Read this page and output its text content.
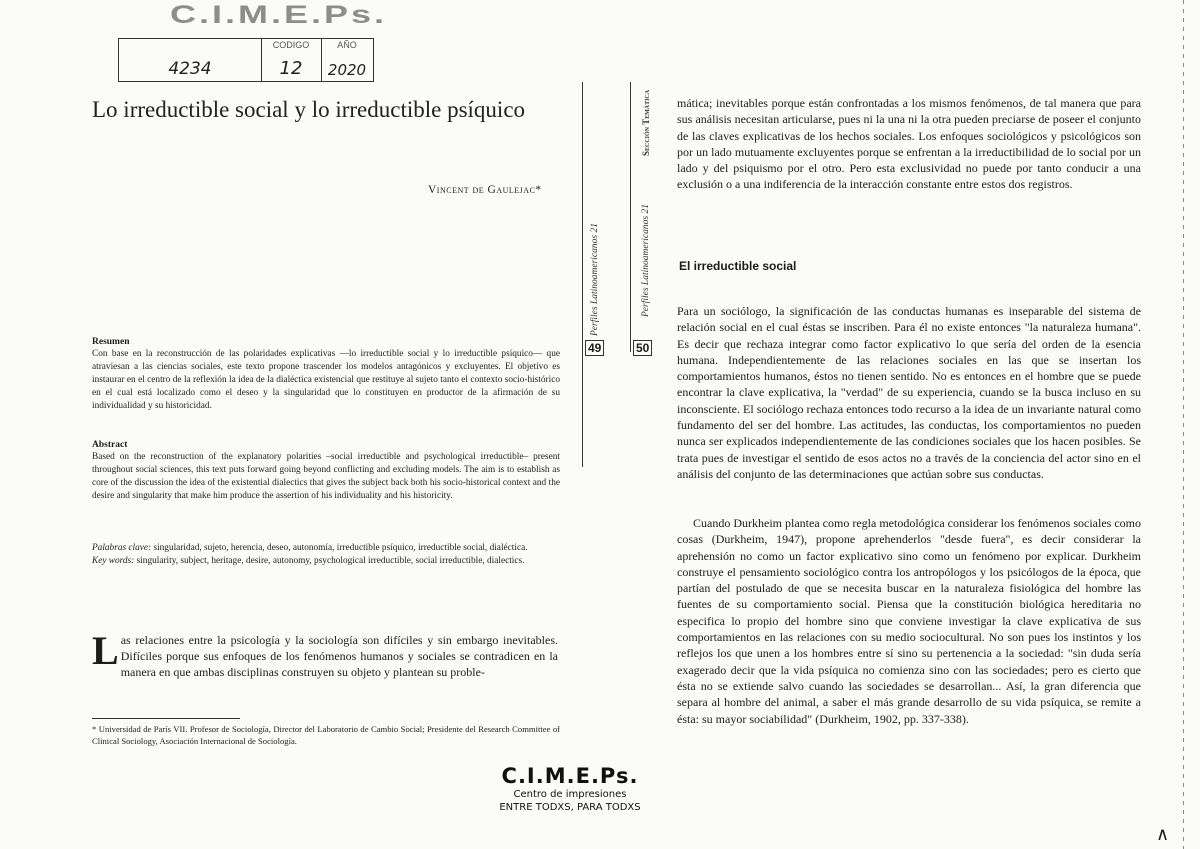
C.I.M.E.Ps.
4234
CODIGO
12
AÑO
2020
Lo irreductible social y lo irreductible psíquico
Vincent de Gaulejac*
Resumen
Con base en la reconstrucción de las polaridades explicativas —lo irreductible social y lo irreductible psíquico— que atraviesan a las ciencias sociales, este texto propone trascender los modelos antagónicos y excluyentes. El objetivo es instaurar en el centro de la reflexión la idea de la dialéctica existencial que restituye al sujeto tanto el contexto socio-histórico en el cual está localizado como el deseo y la singularidad que lo constituyen en productor de la afirmación de su individualidad y su historicidad.
Abstract
Based on the reconstruction of the explanatory polarities –social irreductible and psychological irreductible– present throughout social sciences, this text puts forward going beyond conflicting and excluding models. The aim is to establish as core of the discussion the idea of the existential dialectics that gives the subject back both his socio-historical context and the desire and singularity that make him produce the assertion of his individuality and his historicity.
Palabras clave: singularidad, sujeto, herencia, deseo, autonomía, irreductible psíquico, irreductible social, dialéctica.
Key words: singularity, subject, heritage, desire, autonomy, psychological irreductible, social irreductible, dialectics.
Las relaciones entre la psicología y la sociología son difíciles y sin embargo inevitables. Difíciles porque sus enfoques de los fenómenos humanos y sociales se contradicen en la manera en que ambas disciplinas construyen su objeto y plantean su proble-
* Universidad de París VII. Profesor de Sociología, Director del Laboratorio de Cambio Social; Presidente del Research Committee of Clinical Sociology, Asociación Internacional de Sociología.
Perfiles Latinoamericanos 21
49
Sección Temática
Perfiles Latinoamericanos 21
50
mática; inevitables porque están confrontadas a los mismos fenómenos, de tal manera que para sus análisis necesitan articularse, pues ni la una ni la otra pueden preciarse de poseer el conjunto de las claves explicativas de los hechos sociales. Los enfoques sociológicos y psicológicos son por un lado mutuamente excluyentes porque se enfrentan a la irreductibilidad de lo social por un lado y del psiquismo por el otro. Pero esta exclusividad no puede por tanto conducir a una exclusión o a una indiferencia de la interacción constante entre estos dos registros.
El irreductible social
Para un sociólogo, la significación de las conductas humanas es inseparable del sistema de relación social en el cual éstas se inscriben. Para él no existe entonces "la naturaleza humana". Es decir que rechaza integrar como factor explicativo lo que sería del orden de la esencia humana. Independientemente de las relaciones sociales en las que se insertan los comportamientos humanos, éstos no tienen sentido. No es entonces en el hombre que se puede encontrar la clave explicativa, la "verdad" de su experiencia, cuando se la busca incluso en su inconsciente. El sociólogo rechaza entonces todo recurso a la idea de un invariante natural como fundamento del ser del hombre. Las actitudes, las conductas, los comportamientos no pueden nunca ser explicados independientemente de las condiciones sociales que los hacen posibles. Se trata pues de investigar el sentido de esos actos no a través de la conciencia del actor sino en el análisis del conjunto de las determinaciones que actúan sobre sus conductas.
Cuando Durkheim plantea como regla metodológica considerar los fenómenos sociales como cosas (Durkheim, 1947), propone aprehenderlos "desde fuera", es decir considerar la aprehensión no como un factor explicativo sino como un fenómeno por explicar. Durkheim construye el pensamiento sociológico contra los antropólogos y los psicólogos de la época, que partían del postulado de que se necesita buscar en la naturaleza fisiológica del hombre las fuentes de su comportamiento social. Piensa que la constitución biológica hereditaria no especifica lo propio del hombre sino que conviene investigar la clave explicativa de sus comportamientos en las relaciones con su medio sociocultural. No son pues los instintos y los reflejos los que unen a los hombres entre sí sino su pertenencia a la sociedad: "sin duda sería exagerado decir que la vida psíquica no comienza sino con las sociedades; pero es cierto que ésta no se extiende salvo cuando las sociedades se desarrollan... Así, la gran diferencia que separa al hombre del animal, a saber el más grande desarrollo de su vida psíquica, se remite a ésta: su mayor sociabilidad" (Durkheim, 1902, pp. 337-338).
C.I.M.E.Ps.
Centro de impresiones
ENTRE TODXS, PARA TODXS
∧
